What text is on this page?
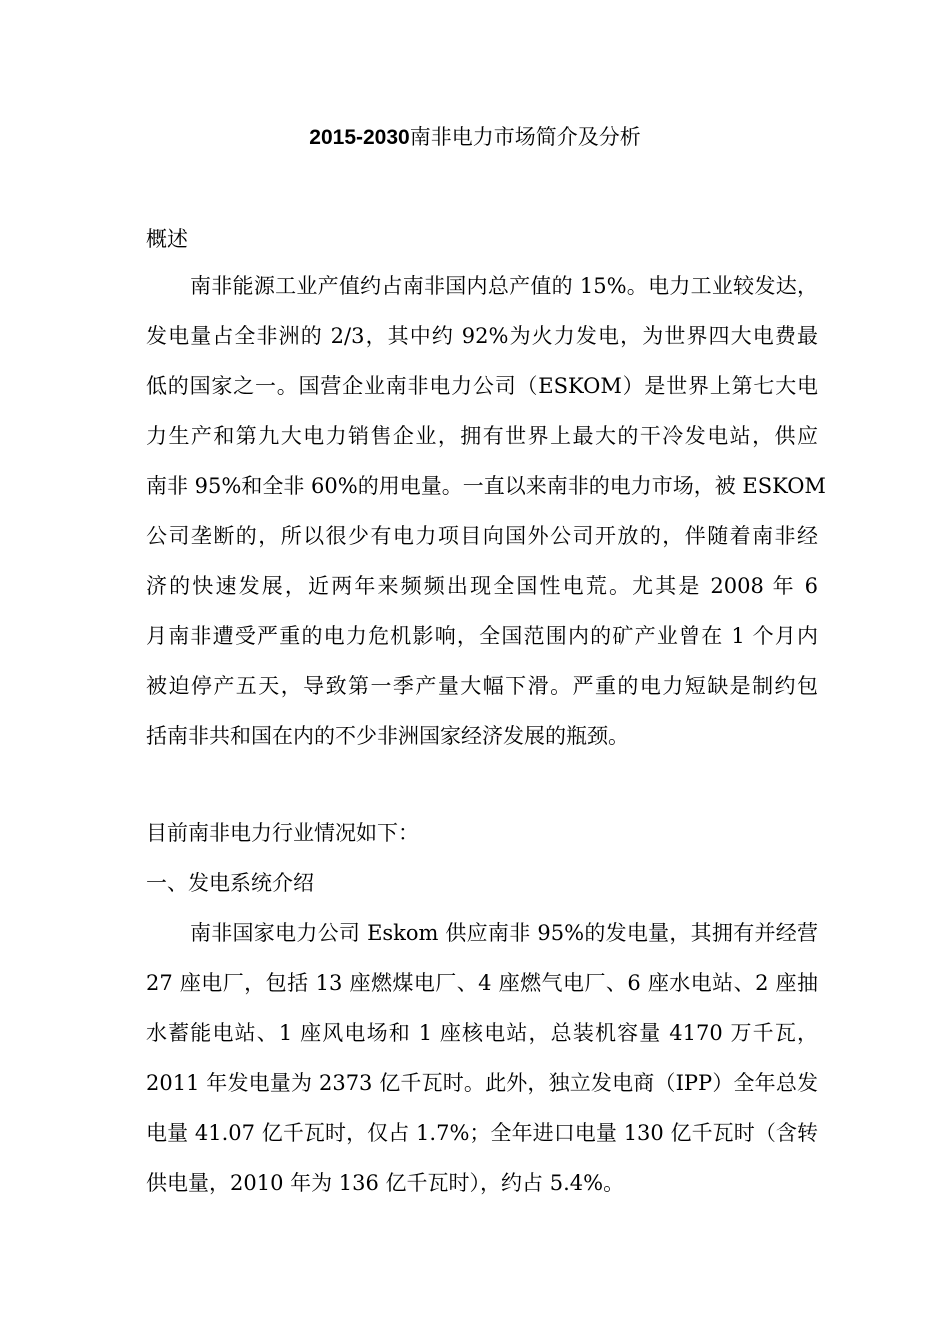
2015-2030南非电力市场简介及分析
概述
南非能源工业产值约占南非国内总产值的 15%。电力工业较发达，
发电量占全非洲的 2/3，其中约 92%为火力发电，为世界四大电费最
低的国家之一。国营企业南非电力公司（ESKOM）是世界上第七大电
力生产和第九大电力销售企业，拥有世界上最大的干冷发电站，供应
南非 95%和全非 60%的用电量。一直以来南非的电力市场，被 ESKOM
公司垄断的，所以很少有电力项目向国外公司开放的，伴随着南非经
济的快速发展，近两年来频频出现全国性电荒。尤其是 2008 年 6
月南非遭受严重的电力危机影响，全国范围内的矿产业曾在 1 个月内
被迫停产五天，导致第一季产量大幅下滑。严重的电力短缺是制约包
括南非共和国在内的不少非洲国家经济发展的瓶颈。
目前南非电力行业情况如下：
一、发电系统介绍
南非国家电力公司 Eskom 供应南非 95%的发电量，其拥有并经营
27 座电厂，包括 13 座燃煤电厂、4 座燃气电厂、6 座水电站、2 座抽
水蓄能电站、1 座风电场和 1 座核电站，总装机容量 4170 万千瓦，
2011 年发电量为 2373 亿千瓦时。此外，独立发电商（IPP）全年总发
电量 41.07 亿千瓦时，仅占 1.7%；全年进口电量 130 亿千瓦时（含转
供电量，2010 年为 136 亿千瓦时），约占 5.4%。
